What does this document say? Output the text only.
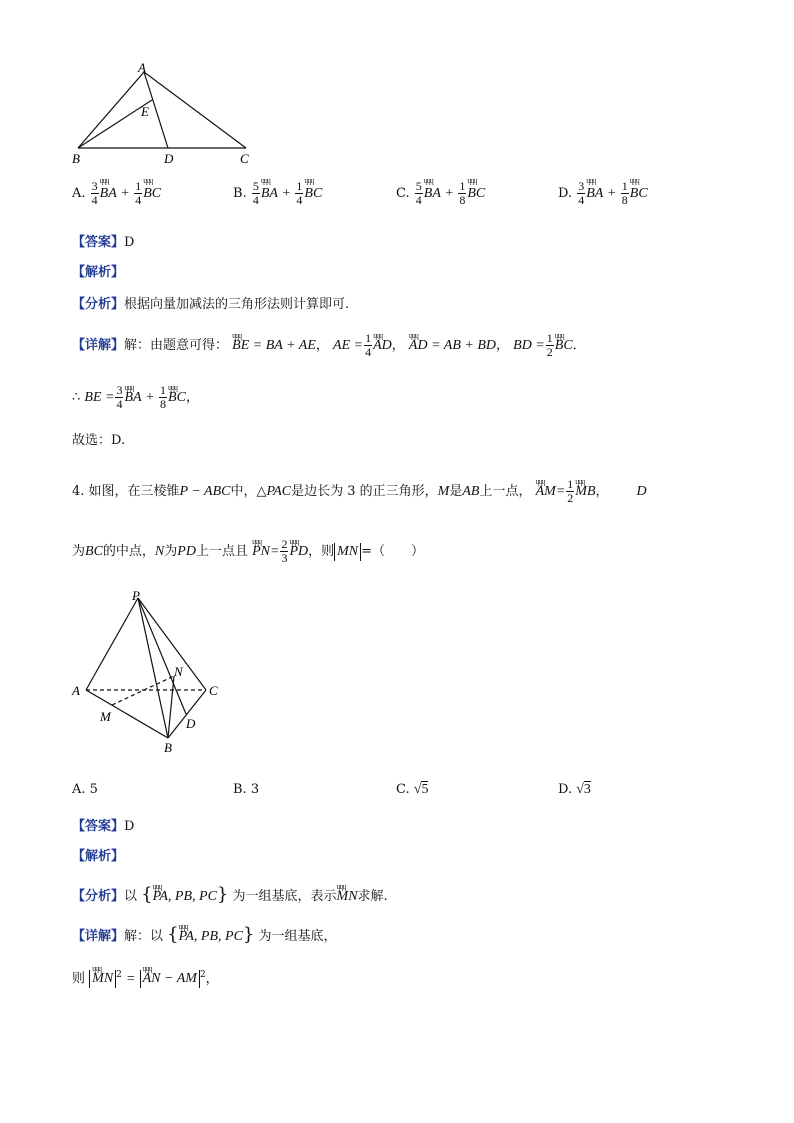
A
E
B	D	C
A. $\frac{3}{4}$ ɥɥɥ BA + $\frac{1}{4}$ ɥɥɥ BC	B. $\frac{5}{4}$ ɥɥɥ BA + $\frac{1}{4}$ ɥɥɥ BC	C. $\frac{5}{4}$ ɥɥɥ BA + $\frac{1}{8}$ ɥɥɥ BC	D. $\frac{3}{4}$ ɥɥɥ BA + $\frac{1}{8}$ ɥɥɥ BC
【答案】D
【解析】
【分析】根据向量加减法的三角形法则计算即可.
【详解】解：由题意可得： ɥɥɥ BE = BA + AE， AE = $\frac{1}{4}$ ɥɥɥ AD， ɥɥɥ AD = AB + BD， BD = $\frac{1}{2}$ ɥɥɥ BC．
∴ BE = $\frac{3}{4}$ ɥɥɥ BA + $\frac{1}{8}$ ɥɥɥ BC，
故选：D.
4. 如图，在三棱锥P − ABC中，△PAC是边长为 3 的正三角形，M是AB上一点， ɥɥɥ $AM= \frac{1}{2}$ ɥɥɥ MB， D
为BC的中点，N为PD上一点且 ɥɥɥ $PN= \frac{2}{3}$ ɥɥɥ PD，则 MN =（　　）
P
A	C
N
M	D
B
A. 5	B. 3	C. √5	D. √3
【答案】D
【解析】
【分析】以 {ɥɥɥ PA, PB, PC} 为一组基底，表示ɥɥɥ MN求解.
【详解】解：以 {ɥɥɥ PA, PB, PC} 为一组基底，
则 ɥɥɥ MN $^2$ = ɥɥɥ AN − AM $^2$，
